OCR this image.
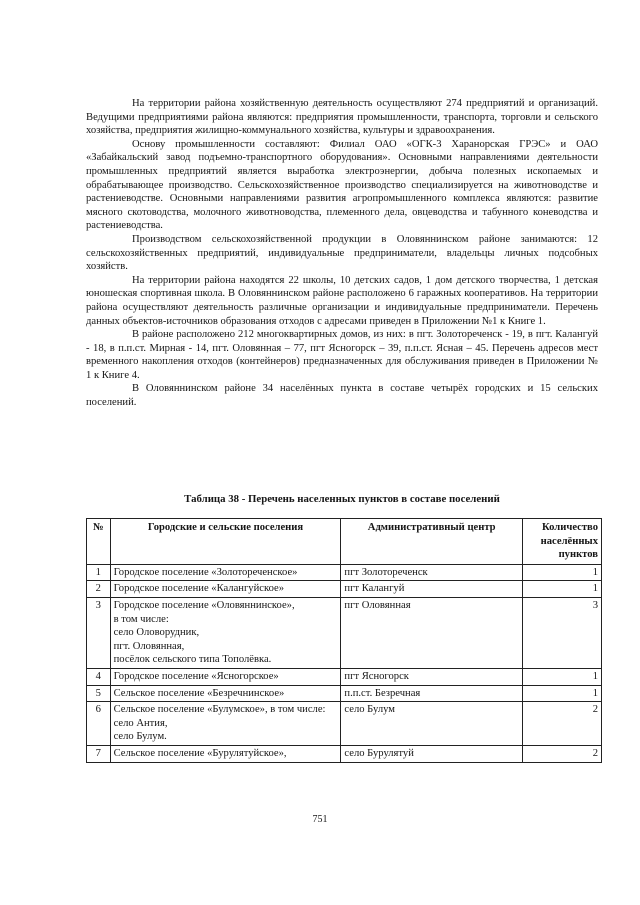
На территории района хозяйственную деятельность осуществляют 274 предприятий и организаций. Ведущими предприятиями района являются: предприятия промышленности, транспорта, торговли и сельского хозяйства, предприятия жилищно-коммунального хозяйства, культуры и здравоохранения.

Основу промышленности составляют: Филиал ОАО «ОГК-3 Харанорская ГРЭС» и ОАО «Забайкальский завод подъемно-транспортного оборудования». Основными направлениями деятельности промышленных предприятий является выработка электроэнергии, добыча полезных ископаемых и обрабатывающее производство. Сельскохозяйственное производство специализируется на животноводстве и растениеводстве. Основными направлениями развития агропромышленного комплекса являются: развитие мясного скотоводства, молочного животноводства, племенного дела, овцеводства и табунного коневодства и растениеводства.

Производством сельскохозяйственной продукции в Оловяннинском районе занимаются: 12 сельскохозяйственных предприятий, индивидуальные предприниматели, владельцы личных подсобных хозяйств.

На территории района находятся 22 школы, 10 детских садов, 1 дом детского творчества, 1 детская юношеская спортивная школа. В Оловяннинском районе расположено 6 гаражных кооперативов. На территории района осуществляют деятельность различные организации и индивидуальные предприниматели. Перечень данных объектов-источников образования отходов с адресами приведен в Приложении №1 к Книге 1.

В районе расположено 212 многоквартирных домов, из них: в пгт. Золотореченск - 19, в пгт. Калангуй - 18, в п.п.ст. Мирная - 14, пгт. Оловянная – 77, пгт Ясногорск – 39, п.п.ст. Ясная – 45. Перечень адресов мест временного накопления отходов (контейнеров) предназначенных для обслуживания приведен в Приложении № 1 к Книге 4.

В Оловяннинском районе 34 населённых пункта в составе четырёх городских и 15 сельских поселений.

Таблица 38 - Перечень населенных пунктов в составе поселений
№	Городские и сельские поселения	Административный центр	Количество населённых пунктов
1	Городское поселение «Золотореченское»	пгт Золотореченск	1
2	Городское поселение «Калангуйское»	пгт Калангуй	1
3	Городское поселение «Оловяннинское»,
в том числе:
село Оловорудник,
пгт. Оловянная,
посёлок сельского типа Тополёвка.	пгт Оловянная	3
4	Городское поселение «Ясногорское»	пгт Ясногорск	1
5	Сельское поселение «Безречнинское»	п.п.ст. Безречная	1
6	Сельское поселение «Булумское», в том числе:
село Антия,
село Булум.	село Булум	2
7	Сельское поселение «Бурулятуйское»,	село Бурулятуй	2
751
